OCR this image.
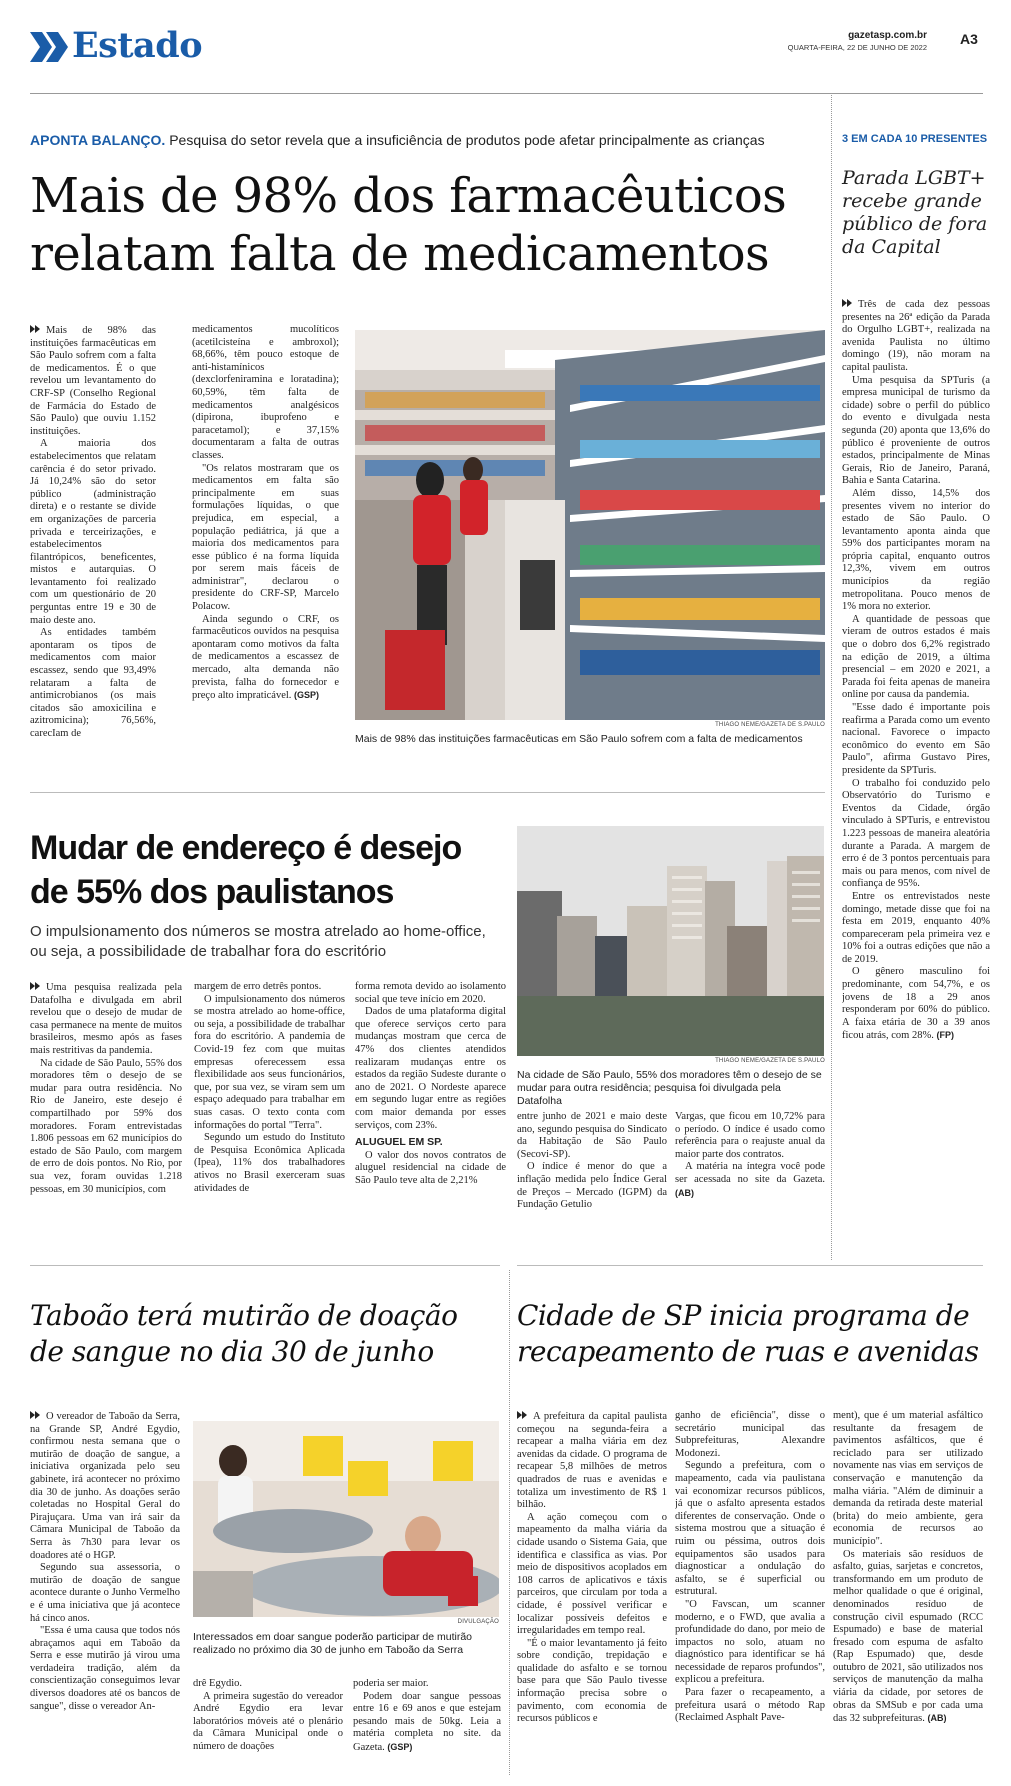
Estado	gazetasp.com.br
QUARTA-FEIRA, 22 DE JUNHO DE 2022
A3
APONTA BALANÇO. Pesquisa do setor revela que a insuficiência de produtos pode afetar principalmente as crianças
Mais de 98% dos farmacêuticos
relatam falta de medicamentos

Mais de 98% das instituições farmacêuticas em São Paulo sofrem com a falta de medicamentos. É o que revelou um levantamento do CRF-SP (Conselho Regional de Farmácia do Estado de São Paulo) que ouviu 1.152 instituições.

A maioria dos estabelecimentos que relatam carência é do setor privado. Já 10,24% são do setor público (administração direta) e o restante se divide em organizações de parceria privada e terceirizações, e estabelecimentos filantrópicos, beneficentes, mistos e autarquias. O levantamento foi realizado com um questionário de 20 perguntas entre 19 e 30 de maio deste ano.

As entidades também apontaram os tipos de medicamentos com maior escassez, sendo que 93,49% relataram a falta de antimicrobianos (os mais citados são amoxicilina e azitromicina); 76,56%, carecIam de

medicamentos mucolíticos (acetilcisteína e ambroxol); 68,66%, têm pouco estoque de anti-histamínicos (dexclorfeniramina e loratadina); 60,59%, têm falta de medicamentos analgésicos (dipirona, ibuprofeno e paracetamol); e 37,15% documentaram a falta de outras classes.

"Os relatos mostraram que os medicamentos em falta são principalmente em suas formulações líquidas, o que prejudica, em especial, a população pediátrica, já que a maioria dos medicamentos para esse público é na forma líquida por serem mais fáceis de administrar", declarou o presidente do CRF-SP, Marcelo Polacow.

Ainda segundo o CRF, os farmacêuticos ouvidos na pesquisa apontaram como motivos da falta de medicamentos a escassez de mercado, alta demanda não prevista, falha do fornecedor e preço alto impraticável. (GSP)

THIAGO NEME/GAZETA DE S.PAULO
Mais de 98% das instituições farmacêuticas em São Paulo sofrem com a falta de medicamentos
3 EM CADA 10 PRESENTES
Parada LGBT+ recebe grande público de fora da Capital

Três de cada dez pessoas presentes na 26ª edição da Parada do Orgulho LGBT+, realizada na avenida Paulista no último domingo (19), não moram na capital paulista.

Uma pesquisa da SPTuris (a empresa municipal de turismo da cidade) sobre o perfil do público do evento e divulgada nesta segunda (20) aponta que 13,6% do público é proveniente de outros estados, principalmente de Minas Gerais, Rio de Janeiro, Paraná, Bahia e Santa Catarina.

Além disso, 14,5% dos presentes vivem no interior do estado de São Paulo. O levantamento aponta ainda que 59% dos participantes moram na própria capital, enquanto outros 12,3%, vivem em outros municípios da região metropolitana. Pouco menos de 1% mora no exterior.

A quantidade de pessoas que vieram de outros estados é mais que o dobro dos 6,2% registrado na edição de 2019, a última presencial – em 2020 e 2021, a Parada foi feita apenas de maneira online por causa da pandemia.

"Esse dado é importante pois reafirma a Parada como um evento nacional. Favorece o impacto econômico do evento em São Paulo", afirma Gustavo Pires, presidente da SPTuris.

O trabalho foi conduzido pelo Observatório do Turismo e Eventos da Cidade, órgão vinculado à SPTuris, e entrevistou 1.223 pessoas de maneira aleatória durante a Parada. A margem de erro é de 3 pontos percentuais para mais ou para menos, com nível de confiança de 95%.

Entre os entrevistados neste domingo, metade disse que foi na festa em 2019, enquanto 40% compareceram pela primeira vez e 10% foi a outras edições que não a de 2019.

O gênero masculino foi predominante, com 54,7%, e os jovens de 18 a 29 anos responderam por 60% do público. A faixa etária de 30 a 39 anos ficou atrás, com 28%. (FP)

Mudar de endereço é desejo
de 55% dos paulistanos
O impulsionamento dos números se mostra atrelado ao home-office, ou seja, a possibilidade de trabalhar fora do escritório

Uma pesquisa realizada pela Datafolha e divulgada em abril revelou que o desejo de mudar de casa permanece na mente de muitos brasileiros, mesmo após as fases mais restritivas da pandemia.

Na cidade de São Paulo, 55% dos moradores têm o desejo de se mudar para outra residência. No Rio de Janeiro, este desejo é compartilhado por 59% dos moradores. Foram entrevistadas 1.806 pessoas em 62 municípios do estado de São Paulo, com margem de erro de dois pontos. No Rio, por sua vez, foram ouvidas 1.218 pessoas, em 30 municípios, com

margem de erro detrês pontos.

O impulsionamento dos números se mostra atrelado ao home-office, ou seja, a possibilidade de trabalhar fora do escritório. A pandemia de Covid-19 fez com que muitas empresas oferecessem essa flexibilidade aos seus funcionários, que, por sua vez, se viram sem um espaço adequado para trabalhar em suas casas. O texto conta com informações do portal "Terra".

Segundo um estudo do Instituto de Pesquisa Econômica Aplicada (Ipea), 11% dos trabalhadores ativos no Brasil exerceram suas atividades de

forma remota devido ao isolamento social que teve início em 2020.

Dados de uma plataforma digital que oferece serviços certo para mudanças mostram que cerca de 47% dos clientes atendidos realizaram mudanças entre os estados da região Sudeste durante o ano de 2021. O Nordeste aparece em segundo lugar entre as regiões com maior demanda por esses serviços, com 23%.

ALUGUEL EM SP.

O valor dos novos contratos de aluguel residencial na cidade de São Paulo teve alta de 2,21%

THIAGO NEME/GAZETA DE S.PAULO
Na cidade de São Paulo, 55% dos moradores têm o desejo de se mudar para outra residência; pesquisa foi divulgada pela Datafolha

entre junho de 2021 e maio deste ano, segundo pesquisa do Sindicato da Habitação de São Paulo (Secovi-SP).

O índice é menor do que a inflação medida pelo Índice Geral de Preços – Mercado (IGPM) da Fundação Getulio

Vargas, que ficou em 10,72% para o período. O índice é usado como referência para o reajuste anual da maior parte dos contratos.

A matéria na íntegra você pode ser acessada no site da Gazeta. (AB)

Taboão terá mutirão de doação
de sangue no dia 30 de junho

O vereador de Taboão da Serra, na Grande SP, André Egydio, confirmou nesta semana que o mutirão de doação de sangue, a iniciativa organizada pelo seu gabinete, irá acontecer no próximo dia 30 de junho. As doações serão coletadas no Hospital Geral do Pirajuçara. Uma van irá sair da Câmara Municipal de Taboão da Serra às 7h30 para levar os doadores até o HGP.

Segundo sua assessoria, o mutirão de doação de sangue acontece durante o Junho Vermelho e é uma iniciativa que já acontece há cinco anos.

"Essa é uma causa que todos nós abraçamos aqui em Taboão da Serra e esse mutirão já virou uma verdadeira tradição, além da conscientização conseguimos levar diversos doadores até os bancos de sangue", disse o vereador An-

DIVULGAÇÃO
Interessados em doar sangue poderão participar de mutirão realizado no próximo dia 30 de junho em Taboão da Serra

drê Egydio.

A primeira sugestão do vereador André Egydio era levar laboratórios móveis até o plenário da Câmara Municipal onde o número de doações

poderia ser maior.

Podem doar sangue pessoas entre 16 e 69 anos e que estejam pesando mais de 50kg. Leia a matéria completa no site. da Gazeta. (GSP)

Cidade de SP inicia programa de
recapeamento de ruas e avenidas

A prefeitura da capital paulista começou na segunda-feira a recapear a malha viária em dez avenidas da cidade. O programa de recapear 5,8 milhões de metros quadrados de ruas e avenidas e totaliza um investimento de R$ 1 bilhão.

A ação começou com o mapeamento da malha viária da cidade usando o Sistema Gaia, que identifica e classifica as vias. Por meio de dispositivos acoplados em 108 carros de aplicativos e táxis parceiros, que circulam por toda a cidade, é possível verificar e localizar possíveis defeitos e irregularidades em tempo real.

"É o maior levantamento já feito sobre condição, trepidação e qualidade do asfalto e se tornou base para que São Paulo tivesse informação precisa sobre o pavimento, com economia de recursos públicos e

ganho de eficiência", disse o secretário municipal das Subprefeituras, Alexandre Modonezi.

Segundo a prefeitura, com o mapeamento, cada via paulistana vai economizar recursos públicos, já que o asfalto apresenta estados diferentes de conservação. Onde o sistema mostrou que a situação é ruim ou péssima, outros dois equipamentos são usados para diagnosticar a ondulação do asfalto, se é superficial ou estrutural.

"O Favscan, um scanner moderno, e o FWD, que avalia a profundidade do dano, por meio de impactos no solo, atuam no diagnóstico para identificar se há necessidade de reparos profundos", explicou a prefeitura.

Para fazer o recapeamento, a prefeitura usará o método Rap (Reclaimed Asphalt Pave-

ment), que é um material asfáltico resultante da fresagem de pavimentos asfálticos, que é reciclado para ser utilizado novamente nas vias em serviços de conservação e manutenção da malha viária. "Além de diminuir a demanda da retirada deste material (brita) do meio ambiente, gera economia de recursos ao município".

Os materiais são resíduos de asfalto, guias, sarjetas e concretos, transformando em um produto de melhor qualidade o que é original, denominados resíduo de construção civil espumado (RCC Espumado) e base de material fresado com espuma de asfalto (Rap Espumado) que, desde outubro de 2021, são utilizados nos serviços de manutenção da malha viária da cidade, por setores de obras da SMSub e por cada uma das 32 subprefeituras. (AB)
